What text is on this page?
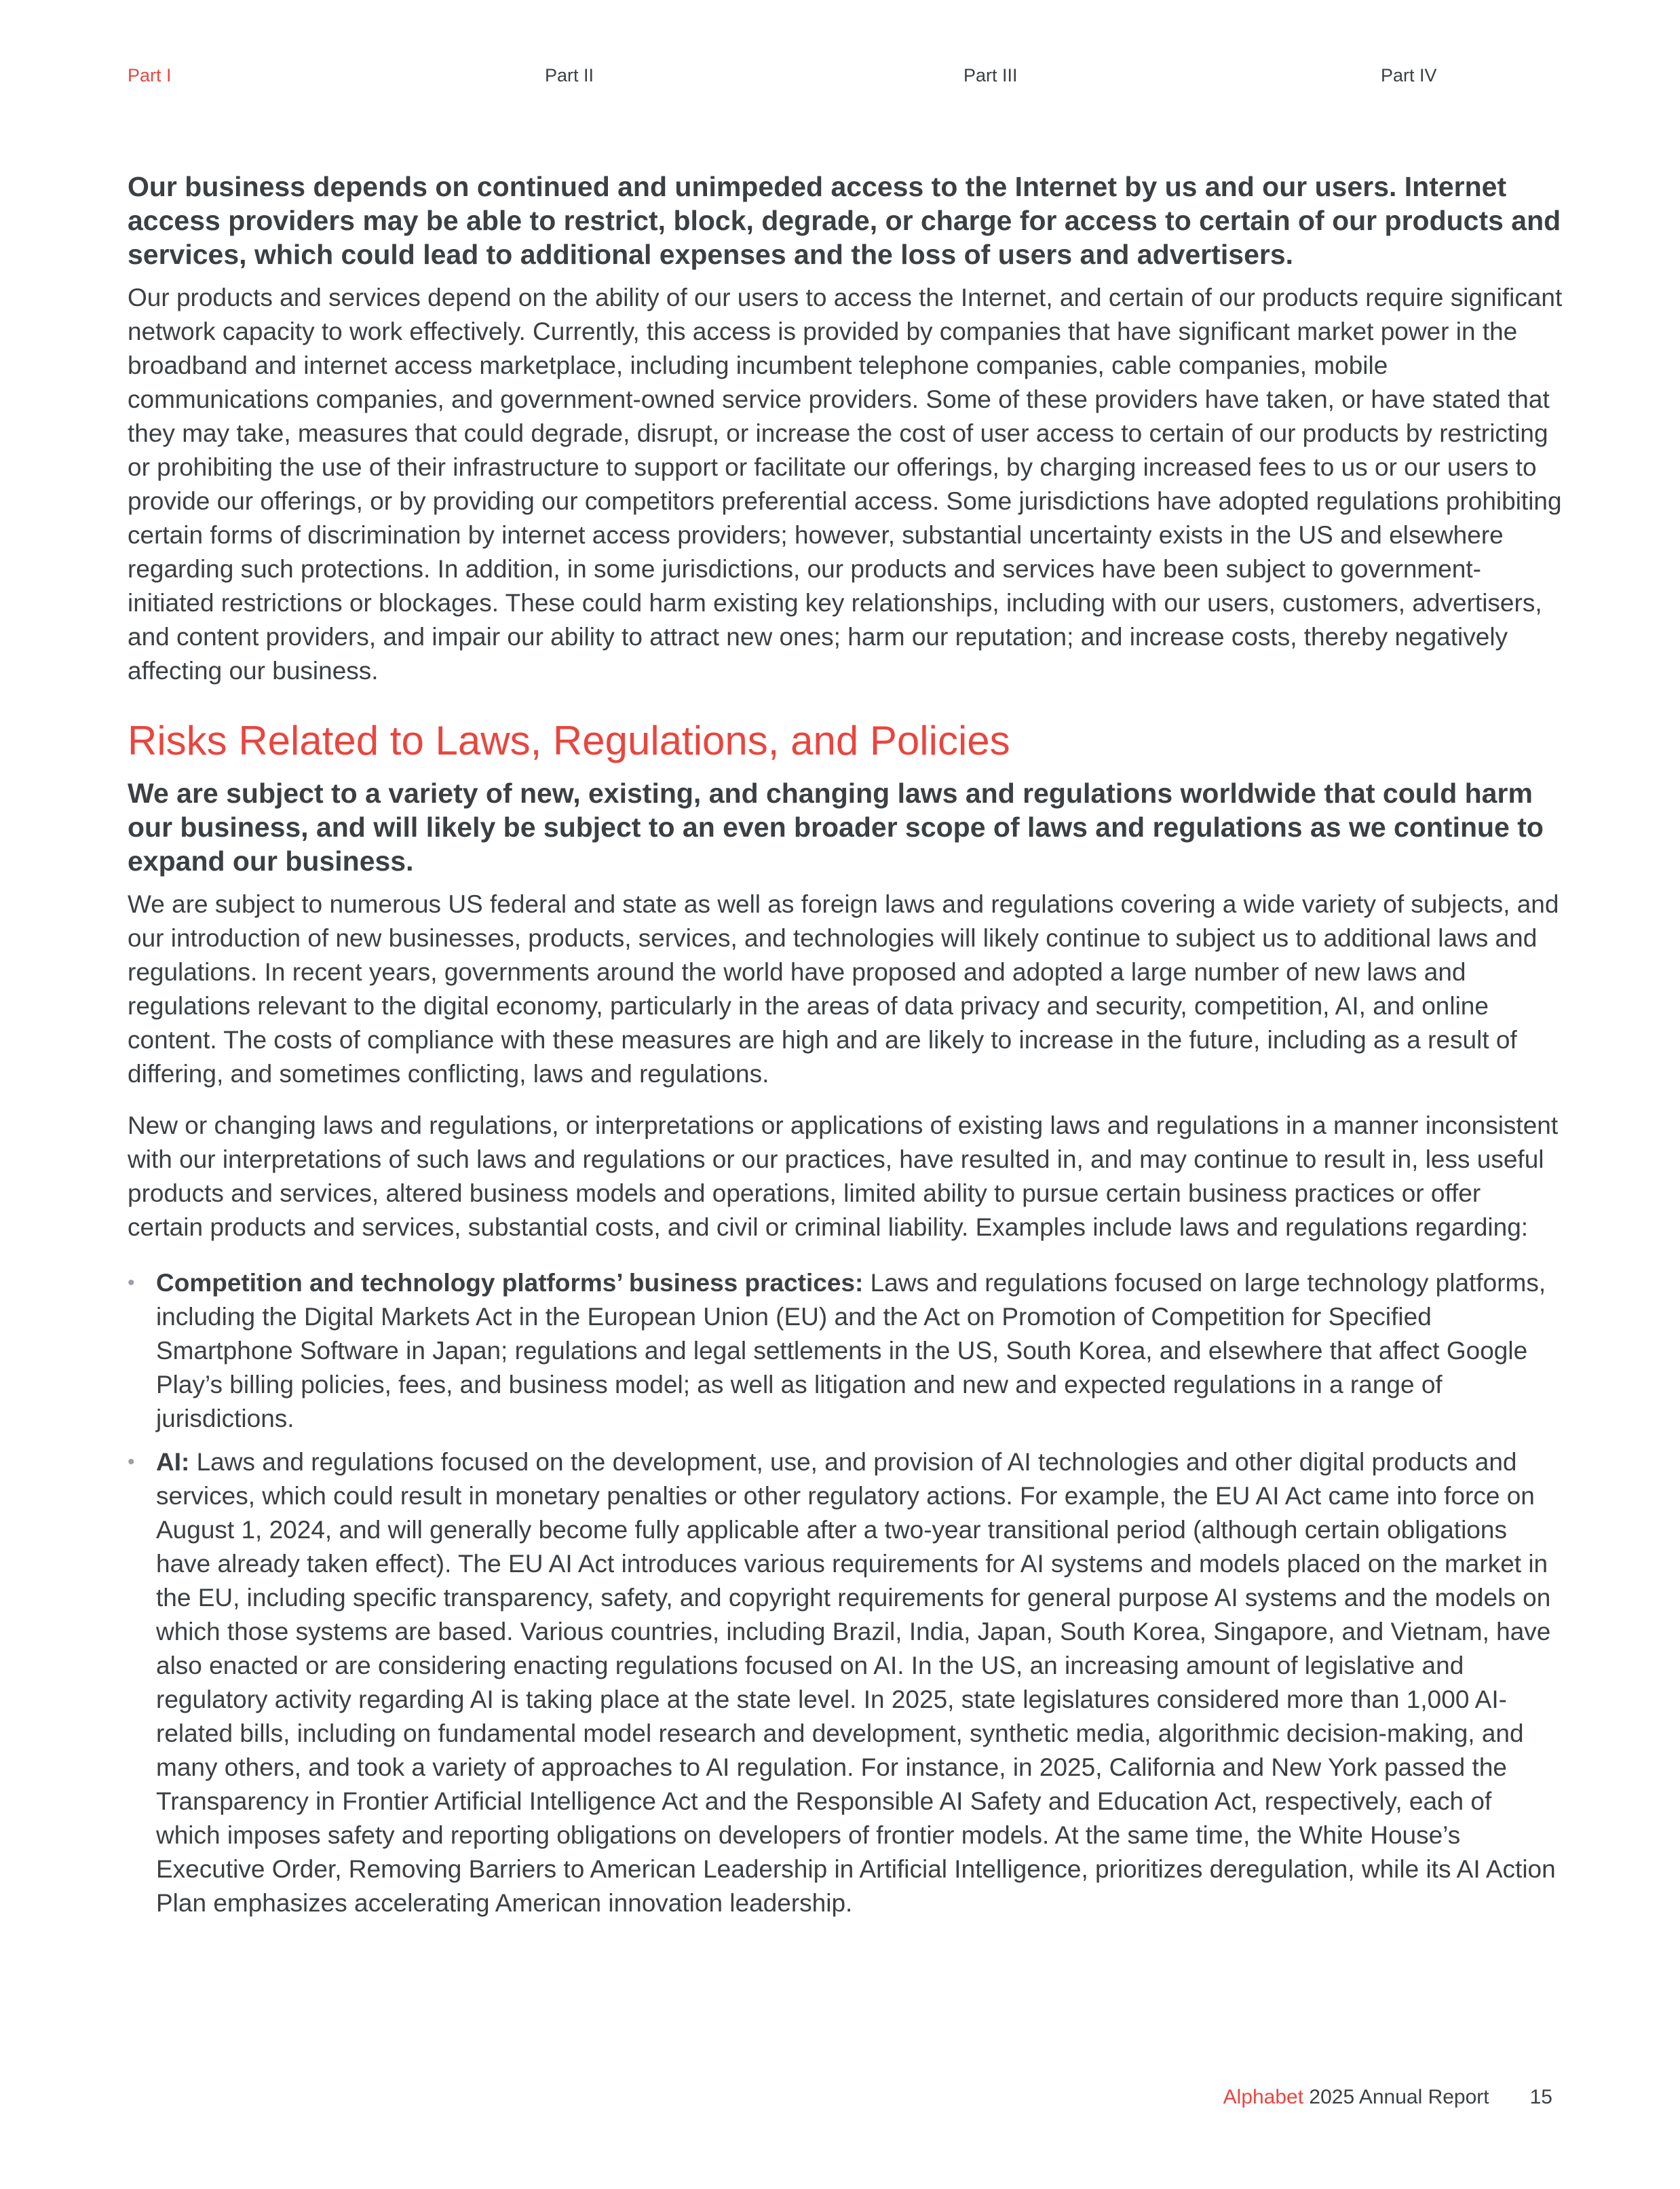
Part I	Part II	Part III	Part IV
Our business depends on continued and unimpeded access to the Internet by us and our users. Internet access providers may be able to restrict, block, degrade, or charge for access to certain of our products and services, which could lead to additional expenses and the loss of users and advertisers.

Our products and services depend on the ability of our users to access the Internet, and certain of our products require significant network capacity to work effectively. Currently, this access is provided by companies that have significant market power in the broadband and internet access marketplace, including incumbent telephone companies, cable companies, mobile communications companies, and government-owned service providers. Some of these providers have taken, or have stated that they may take, measures that could degrade, disrupt, or increase the cost of user access to certain of our products by restricting or prohibiting the use of their infrastructure to support or facilitate our offerings, by charging increased fees to us or our users to provide our offerings, or by providing our competitors preferential access. Some jurisdictions have adopted regulations prohibiting certain forms of discrimination by internet access providers; however, substantial uncertainty exists in the US and elsewhere regarding such protections. In addition, in some jurisdictions, our products and services have been subject to government-initiated restrictions or blockages. These could harm existing key relationships, including with our users, customers, advertisers, and content providers, and impair our ability to attract new ones; harm our reputation; and increase costs, thereby negatively affecting our business.

Risks Related to Laws, Regulations, and Policies
We are subject to a variety of new, existing, and changing laws and regulations worldwide that could harm our business, and will likely be subject to an even broader scope of laws and regulations as we continue to expand our business.

We are subject to numerous US federal and state as well as foreign laws and regulations covering a wide variety of subjects, and our introduction of new businesses, products, services, and technologies will likely continue to subject us to additional laws and regulations. In recent years, governments around the world have proposed and adopted a large number of new laws and regulations relevant to the digital economy, particularly in the areas of data privacy and security, competition, AI, and online content. The costs of compliance with these measures are high and are likely to increase in the future, including as a result of differing, and sometimes conflicting, laws and regulations.

New or changing laws and regulations, or interpretations or applications of existing laws and regulations in a manner inconsistent with our interpretations of such laws and regulations or our practices, have resulted in, and may continue to result in, less useful products and services, altered business models and operations, limited ability to pursue certain business practices or offer certain products and services, substantial costs, and civil or criminal liability. Examples include laws and regulations regarding:

• Competition and technology platforms’ business practices: Laws and regulations focused on large technology platforms, including the Digital Markets Act in the European Union (EU) and the Act on Promotion of Competition for Specified Smartphone Software in Japan; regulations and legal settlements in the US, South Korea, and elsewhere that affect Google Play’s billing policies, fees, and business model; as well as litigation and new and expected regulations in a range of jurisdictions.
• AI: Laws and regulations focused on the development, use, and provision of AI technologies and other digital products and services, which could result in monetary penalties or other regulatory actions. For example, the EU AI Act came into force on August 1, 2024, and will generally become fully applicable after a two-year transitional period (although certain obligations have already taken effect). The EU AI Act introduces various requirements for AI systems and models placed on the market in the EU, including specific transparency, safety, and copyright requirements for general purpose AI systems and the models on which those systems are based. Various countries, including Brazil, India, Japan, South Korea, Singapore, and Vietnam, have also enacted or are considering enacting regulations focused on AI. In the US, an increasing amount of legislative and regulatory activity regarding AI is taking place at the state level. In 2025, state legislatures considered more than 1,000 AI-related bills, including on fundamental model research and development, synthetic media, algorithmic decision-making, and many others, and took a variety of approaches to AI regulation. For instance, in 2025, California and New York passed the Transparency in Frontier Artificial Intelligence Act and the Responsible AI Safety and Education Act, respectively, each of which imposes safety and reporting obligations on developers of frontier models. At the same time, the White House’s Executive Order, Removing Barriers to American Leadership in Artificial Intelligence, prioritizes deregulation, while its AI Action Plan emphasizes accelerating American innovation leadership.
Alphabet 2025 Annual Report 15
